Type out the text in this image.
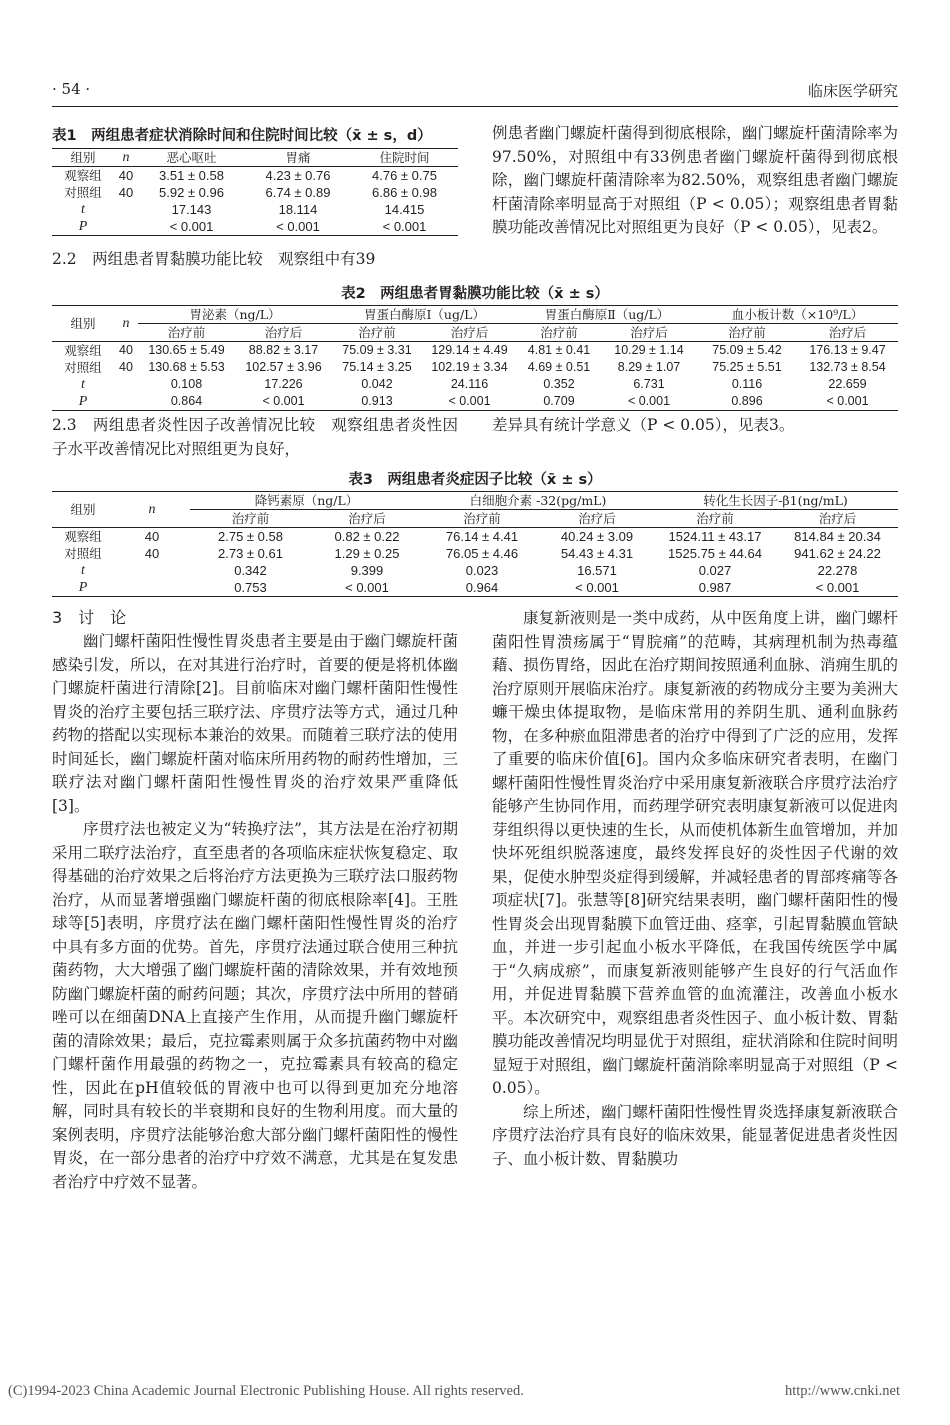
· 54 ·	临床医学研究
表1　两组患者症状消除时间和住院时间比较（x̄ ± s，d）
组别	n	恶心呕吐	胃痛	住院时间
观察组	40	3.51 ± 0.58	4.23 ± 0.76	4.76 ± 0.75
对照组	40	5.92 ± 0.96	6.74 ± 0.89	6.86 ± 0.98
t		17.143	18.114	14.415
P		< 0.001	< 0.001	< 0.001

2.2　两组患者胃黏膜功能比较　观察组中有39

例患者幽门螺旋杆菌得到彻底根除，幽门螺旋杆菌清除率为97.50%，对照组中有33例患者幽门螺旋杆菌得到彻底根除，幽门螺旋杆菌清除率为82.50%，观察组患者幽门螺旋杆菌清除率明显高于对照组（P < 0.05）；观察组患者胃黏膜功能改善情况比对照组更为良好（P < 0.05），见表2。

表2　两组患者胃黏膜功能比较（x̄ ± s）
组别	n	胃泌素（ng/L）		胃蛋白酶原Ⅰ（ug/L）		胃蛋白酶原Ⅱ（ug/L）		血小板计数（×10⁹/L）	
		治疗前	治疗后	治疗前	治疗后	治疗前	治疗后	治疗前	治疗后
观察组	40	130.65 ± 5.49	88.82 ± 3.17	75.09 ± 3.31	129.14 ± 4.49	4.81 ± 0.41	10.29 ± 1.14	75.09 ± 5.42	176.13 ± 9.47
对照组	40	130.68 ± 5.53	102.57 ± 3.96	75.14 ± 3.25	102.19 ± 3.34	4.69 ± 0.51	8.29 ± 1.07	75.25 ± 5.51	132.73 ± 8.54
t		0.108	17.226	0.042	24.116	0.352	6.731	0.116	22.659
P		0.864	< 0.001	0.913	< 0.001	0.709	< 0.001	0.896	< 0.001

2.3　两组患者炎性因子改善情况比较　观察组患者炎性因子水平改善情况比对照组更为良好，

差异具有统计学意义（P < 0.05），见表3。

表3　两组患者炎症因子比较（x̄ ± s）
组别	n	降钙素原（ng/L）		白细胞介素 -32(pg/mL)		转化生长因子-β1(ng/mL)	
		治疗前	治疗后	治疗前	治疗后	治疗前	治疗后
观察组	40	2.75 ± 0.58	0.82 ± 0.22	76.14 ± 4.41	40.24 ± 3.09	1524.11 ± 43.17	814.84 ± 20.34
对照组	40	2.73 ± 0.61	1.29 ± 0.25	76.05 ± 4.46	54.43 ± 4.31	1525.75 ± 44.64	941.62 ± 24.22
t		0.342	9.399	0.023	16.571	0.027	22.278
P		0.753	< 0.001	0.964	< 0.001	0.987	< 0.001
3　讨　论

幽门螺杆菌阳性慢性胃炎患者主要是由于幽门螺旋杆菌感染引发，所以，在对其进行治疗时，首要的便是将机体幽门螺旋杆菌进行清除[2]。目前临床对幽门螺杆菌阳性慢性胃炎的治疗主要包括三联疗法、序贯疗法等方式，通过几种药物的搭配以实现标本兼治的效果。而随着三联疗法的使用时间延长，幽门螺旋杆菌对临床所用药物的耐药性增加，三联疗法对幽门螺杆菌阳性慢性胃炎的治疗效果严重降低[3]。

序贯疗法也被定义为“转换疗法”，其方法是在治疗初期采用二联疗法治疗，直至患者的各项临床症状恢复稳定、取得基础的治疗效果之后将治疗方法更换为三联疗法口服药物治疗，从而显著增强幽门螺旋杆菌的彻底根除率[4]。王胜球等[5]表明，序贯疗法在幽门螺杆菌阳性慢性胃炎的治疗中具有多方面的优势。首先，序贯疗法通过联合使用三种抗菌药物，大大增强了幽门螺旋杆菌的清除效果，并有效地预防幽门螺旋杆菌的耐药问题；其次，序贯疗法中所用的替硝唑可以在细菌DNA上直接产生作用，从而提升幽门螺旋杆菌的清除效果；最后，克拉霉素则属于众多抗菌药物中对幽门螺杆菌作用最强的药物之一，克拉霉素具有较高的稳定性，因此在pH值较低的胃液中也可以得到更加充分地溶解，同时具有较长的半衰期和良好的生物利用度。而大量的案例表明，序贯疗法能够治愈大部分幽门螺杆菌阳性的慢性胃炎，在一部分患者的治疗中疗效不满意，尤其是在复发患者治疗中疗效不显著。

康复新液则是一类中成药，从中医角度上讲，幽门螺杆菌阳性胃溃疡属于“胃脘痛”的范畴，其病理机制为热毒蕴藉、损伤胃络，因此在治疗期间按照通利血脉、消痈生肌的治疗原则开展临床治疗。康复新液的药物成分主要为美洲大蠊干燥虫体提取物，是临床常用的养阴生肌、通利血脉药物，在多种瘀血阻滞患者的治疗中得到了广泛的应用，发挥了重要的临床价值[6]。国内众多临床研究者表明，在幽门螺杆菌阳性慢性胃炎治疗中采用康复新液联合序贯疗法治疗能够产生协同作用，而药理学研究表明康复新液可以促进肉芽组织得以更快速的生长，从而使机体新生血管增加，并加快坏死组织脱落速度，最终发挥良好的炎性因子代谢的效果，促使水肿型炎症得到缓解，并减轻患者的胃部疼痛等各项症状[7]。张慧等[8]研究结果表明，幽门螺杆菌阳性的慢性胃炎会出现胃黏膜下血管迂曲、痉挛，引起胃黏膜血管缺血，并进一步引起血小板水平降低，在我国传统医学中属于“久病成瘀”，而康复新液则能够产生良好的行气活血作用，并促进胃黏膜下营养血管的血流灌注，改善血小板水平。本次研究中，观察组患者炎性因子、血小板计数、胃黏膜功能改善情况均明显优于对照组，症状消除和住院时间明显短于对照组，幽门螺旋杆菌消除率明显高于对照组（P < 0.05）。

综上所述，幽门螺杆菌阳性慢性胃炎选择康复新液联合序贯疗法治疗具有良好的临床效果，能显著促进患者炎性因子、血小板计数、胃黏膜功

(C)1994-2023 China Academic Journal Electronic Publishing House. All rights reserved.	http://www.cnki.net
